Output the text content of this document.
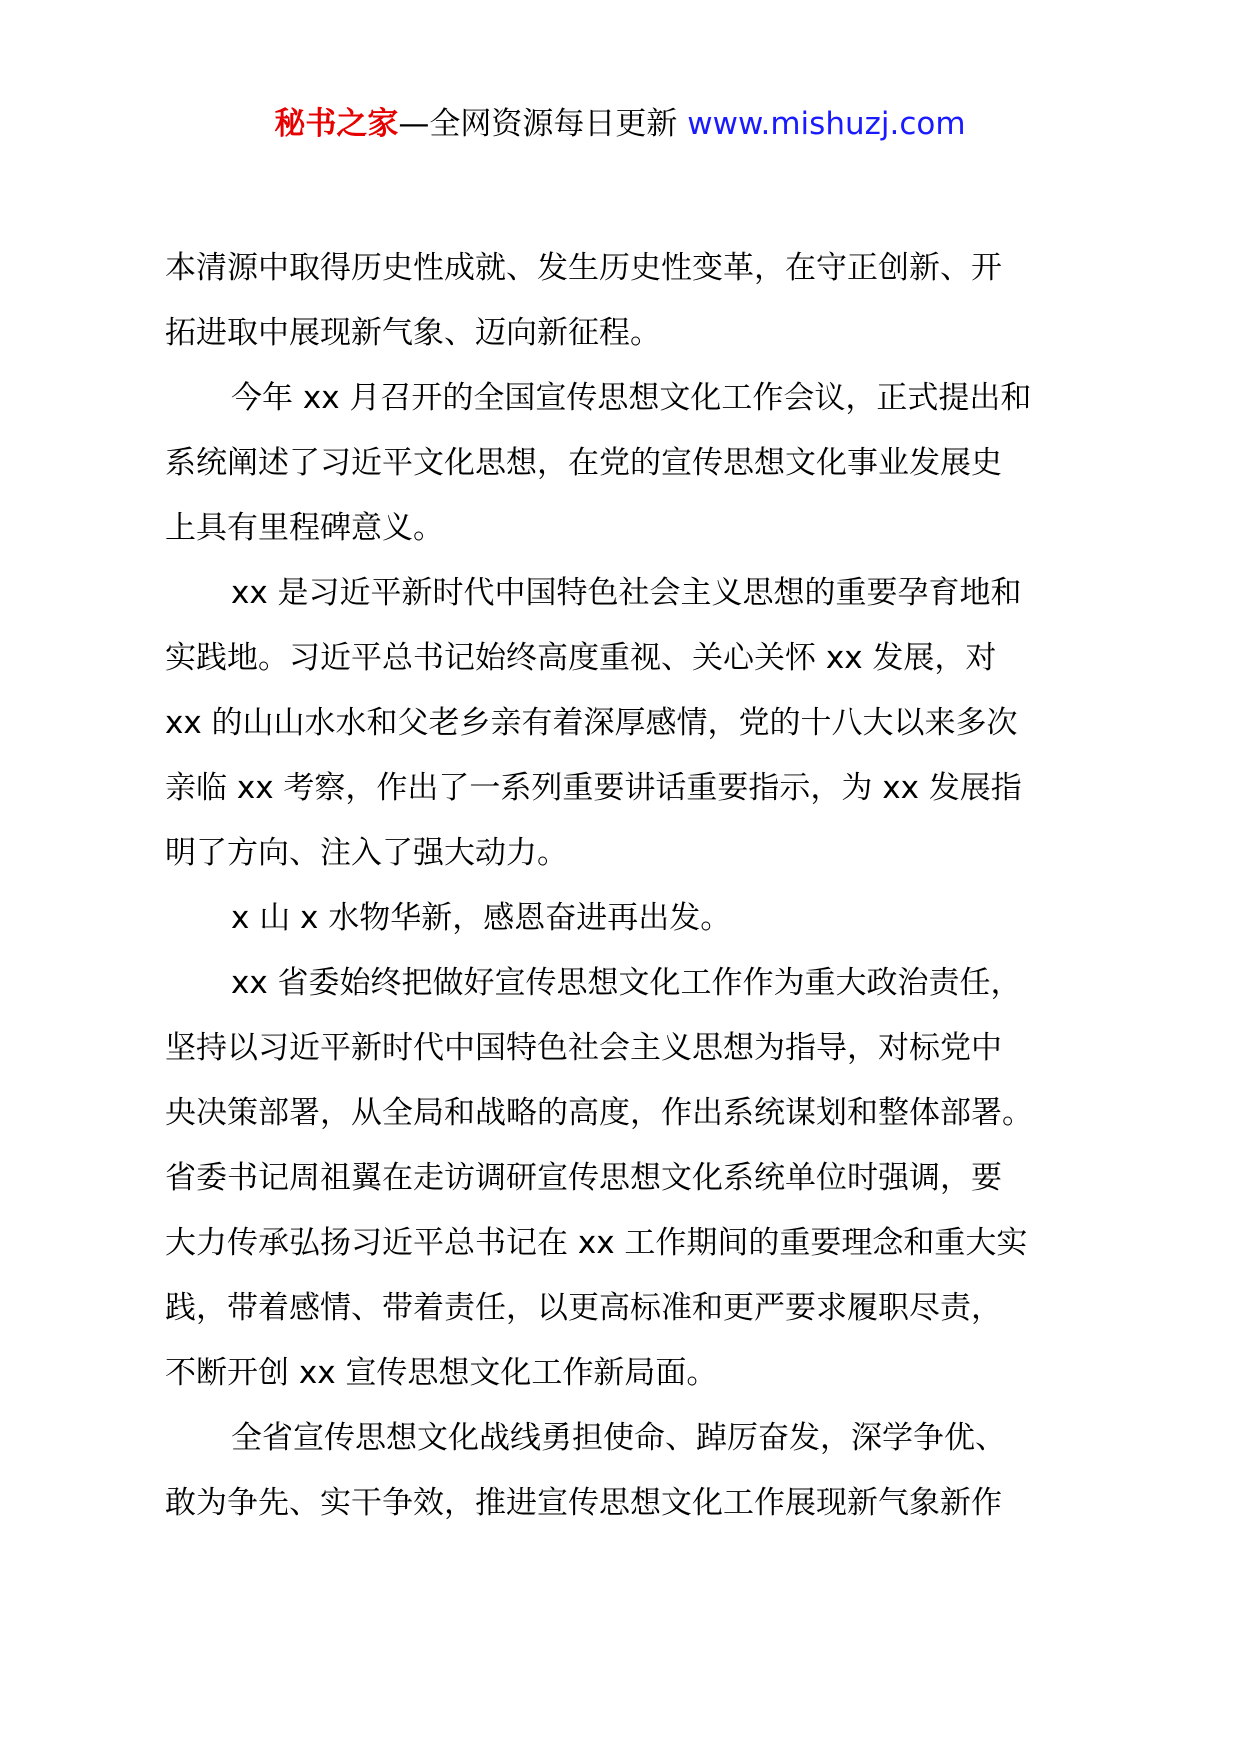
秘书之家—全网资源每日更新 www.mishuzj.com

本清源中取得历史性成就、发生历史性变革，在守正创新、开
拓进取中展现新气象、迈向新征程。

今年 xx 月召开的全国宣传思想文化工作会议，正式提出和
系统阐述了习近平文化思想，在党的宣传思想文化事业发展史
上具有里程碑意义。

xx 是习近平新时代中国特色社会主义思想的重要孕育地和
实践地。习近平总书记始终高度重视、关心关怀 xx 发展，对
xx 的山山水水和父老乡亲有着深厚感情，党的十八大以来多次
亲临 xx 考察，作出了一系列重要讲话重要指示，为 xx 发展指
明了方向、注入了强大动力。

x 山 x 水物华新，感恩奋进再出发。

xx 省委始终把做好宣传思想文化工作作为重大政治责任，
坚持以习近平新时代中国特色社会主义思想为指导，对标党中
央决策部署，从全局和战略的高度，作出系统谋划和整体部署。
省委书记周祖翼在走访调研宣传思想文化系统单位时强调，要
大力传承弘扬习近平总书记在 xx 工作期间的重要理念和重大实
践，带着感情、带着责任，以更高标准和更严要求履职尽责，
不断开创 xx 宣传思想文化工作新局面。

全省宣传思想文化战线勇担使命、踔厉奋发，深学争优、
敢为争先、实干争效，推进宣传思想文化工作展现新气象新作
